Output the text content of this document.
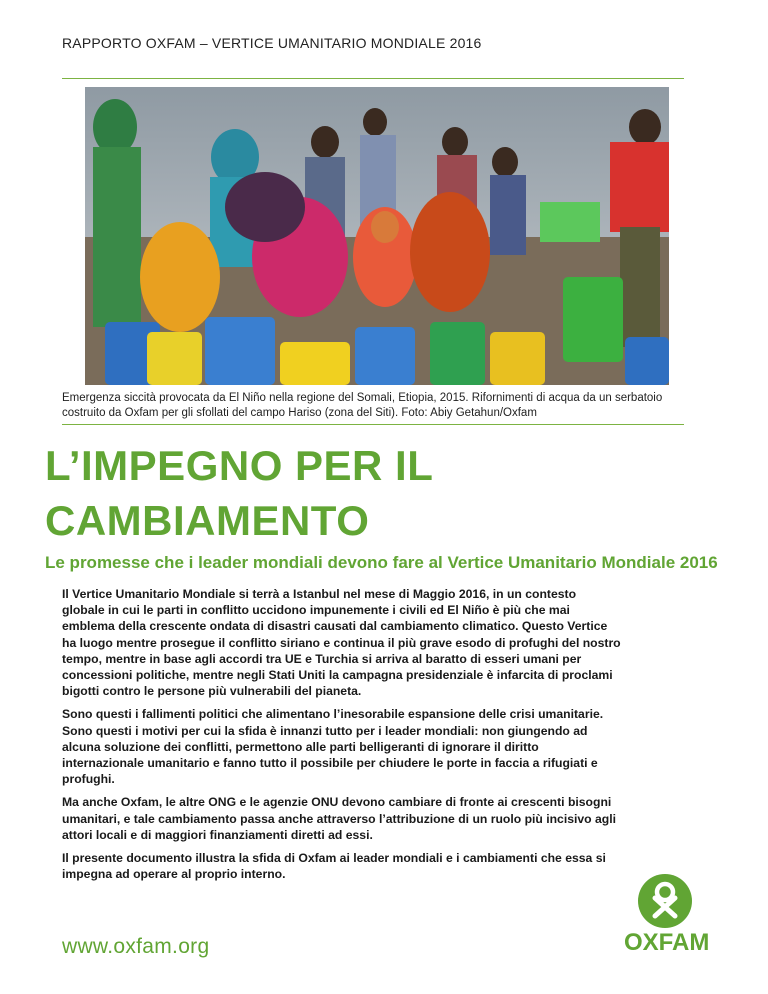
RAPPORTO OXFAM – VERTICE UMANITARIO MONDIALE 2016
Emergenza siccità provocata da El Niño nella regione del Somali, Etiopia, 2015. Rifornimenti di acqua da un serbatoio costruito da Oxfam per gli sfollati del campo Hariso (zona del Siti). Foto: Abiy Getahun/Oxfam
L’IMPEGNO PER IL CAMBIAMENTO
Le promesse che i leader mondiali devono fare al Vertice Umanitario Mondiale 2016

Il Vertice Umanitario Mondiale si terrà a Istanbul nel mese di Maggio 2016, in un contesto globale in cui le parti in conflitto uccidono impunemente i civili ed El Niño è più che mai emblema della crescente ondata di disastri causati dal cambiamento climatico. Questo Vertice ha luogo mentre prosegue il conflitto siriano e continua il più grave esodo di profughi del nostro tempo, mentre in base agli accordi tra UE e Turchia si arriva al baratto di esseri umani per concessioni politiche, mentre negli Stati Uniti la campagna presidenziale è infarcita di proclami bigotti contro le persone più vulnerabili del pianeta.

Sono questi i fallimenti politici che alimentano l’inesorabile espansione delle crisi umanitarie. Sono questi i motivi per cui la sfida è innanzi tutto per i leader mondiali: non giungendo ad alcuna soluzione dei conflitti, permettono alle parti belligeranti di ignorare il diritto internazionale umanitario e fanno tutto il possibile per chiudere le porte in faccia a rifugiati e profughi.

Ma anche Oxfam, le altre ONG e le agenzie ONU devono cambiare di fronte ai crescenti bisogni umanitari, e tale cambiamento passa anche attraverso l’attribuzione di un ruolo più incisivo agli attori locali e di maggiori finanziamenti diretti ad essi.

Il presente documento illustra la sfida di Oxfam ai leader mondiali e i cambiamenti che essa si impegna ad operare al proprio interno.

www.oxfam.org	OXFAM
